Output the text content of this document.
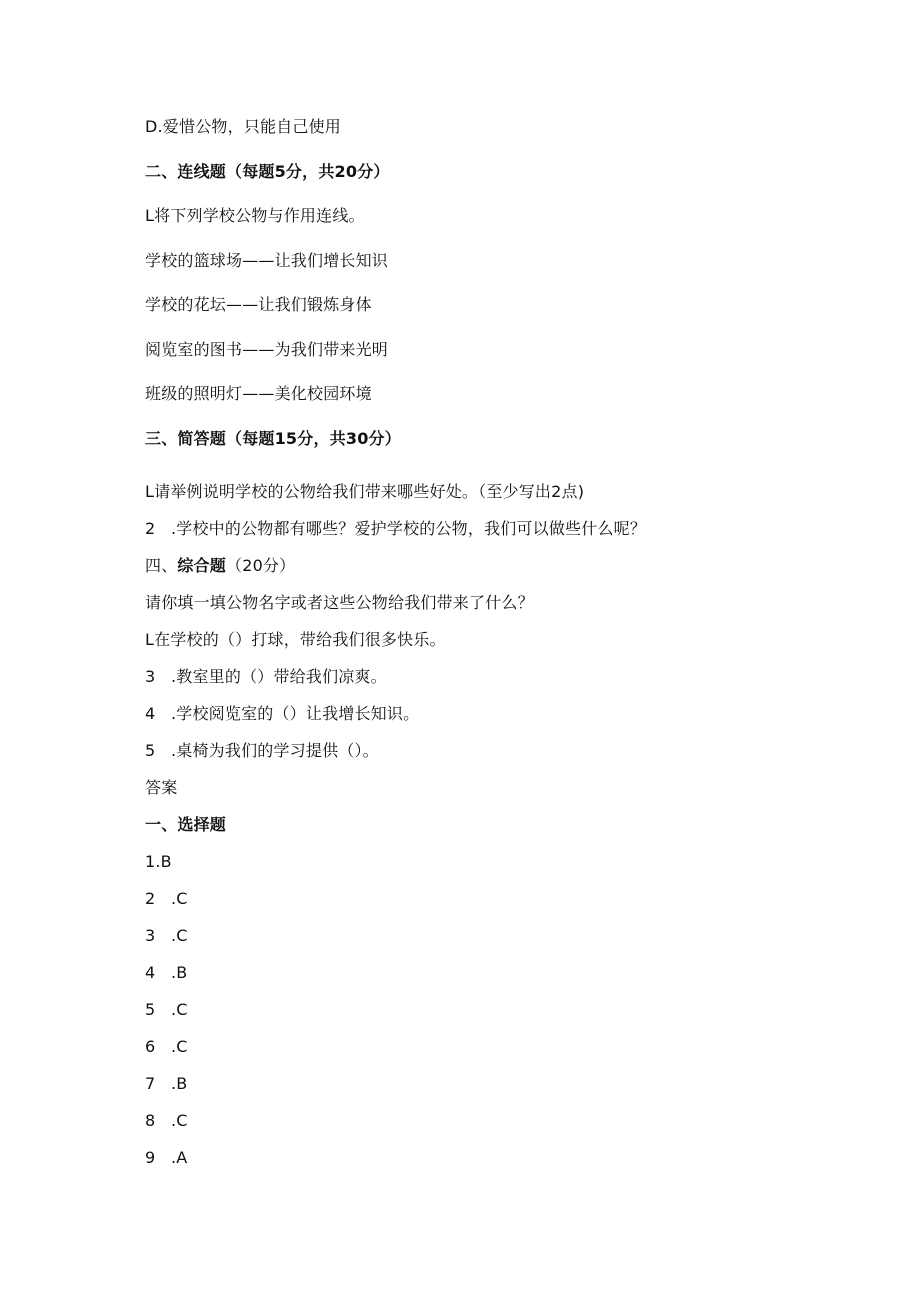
D.爱惜公物，只能自己使用
二、连线题（每题5分，共20分）
L将下列学校公物与作用连线。
学校的篮球场——让我们增长知识
学校的花坛——让我们锻炼身体
阅览室的图书——为我们带来光明
班级的照明灯——美化校园环境
三、简答题（每题15分，共30分）
L请举例说明学校的公物给我们带来哪些好处。（至少写出2点)
2 .学校中的公物都有哪些？爱护学校的公物，我们可以做些什么呢？
四、综合题（20分）
请你填一填公物名字或者这些公物给我们带来了什么？
L在学校的（）打球，带给我们很多快乐。
3 .教室里的（）带给我们凉爽。
4 .学校阅览室的（）让我增长知识。
5 .桌椅为我们的学习提供（）。
答案
一、选择题
1.B
2 .C
3 .C
4 .B
5 .C
6 .C
7 .B
8 .C
9 .A
